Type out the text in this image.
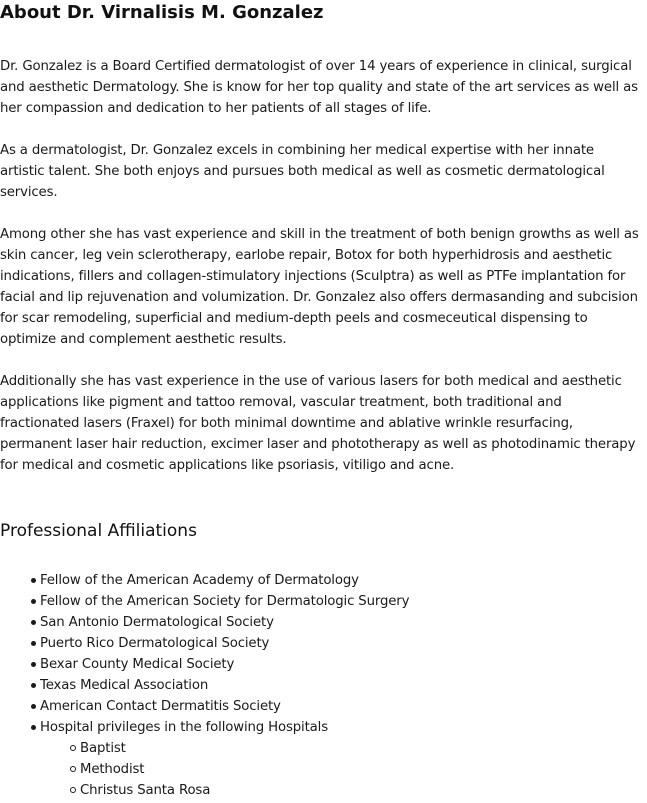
About Dr. Virnalisis M. Gonzalez

Dr. Gonzalez is a Board Certified dermatologist of over 14 years of experience in clinical, surgical and aesthetic Dermatology. She is know for her top quality and state of the art services as well as her compassion and dedication to her patients of all stages of life.

As a dermatologist, Dr. Gonzalez excels in combining her medical expertise with her innate artistic talent. She both enjoys and pursues both medical as well as cosmetic dermatological services.

Among other she has vast experience and skill in the treatment of both benign growths as well as skin cancer, leg vein sclerotherapy, earlobe repair, Botox for both hyperhidrosis and aesthetic indications, fillers and collagen-stimulatory injections (Sculptra) as well as PTFe implantation for facial and lip rejuvenation and volumization. Dr. Gonzalez also offers dermasanding and subcision for scar remodeling, superficial and medium-depth peels and cosmeceutical dispensing to optimize and complement aesthetic results.

Additionally she has vast experience in the use of various lasers for both medical and aesthetic applications like pigment and tattoo removal, vascular treatment, both traditional and fractionated lasers (Fraxel) for both minimal downtime and ablative wrinkle resurfacing, permanent laser hair reduction, excimer laser and phototherapy as well as photodinamic therapy for medical and cosmetic applications like psoriasis, vitiligo and acne.

Professional Affiliations
Fellow of the American Academy of Dermatology
Fellow of the American Society for Dermatologic Surgery
San Antonio Dermatological Society
Puerto Rico Dermatological Society
Bexar County Medical Society
Texas Medical Association
American Contact Dermatitis Society
Hospital privileges in the following Hospitals
Baptist
Methodist
Christus Santa Rosa
